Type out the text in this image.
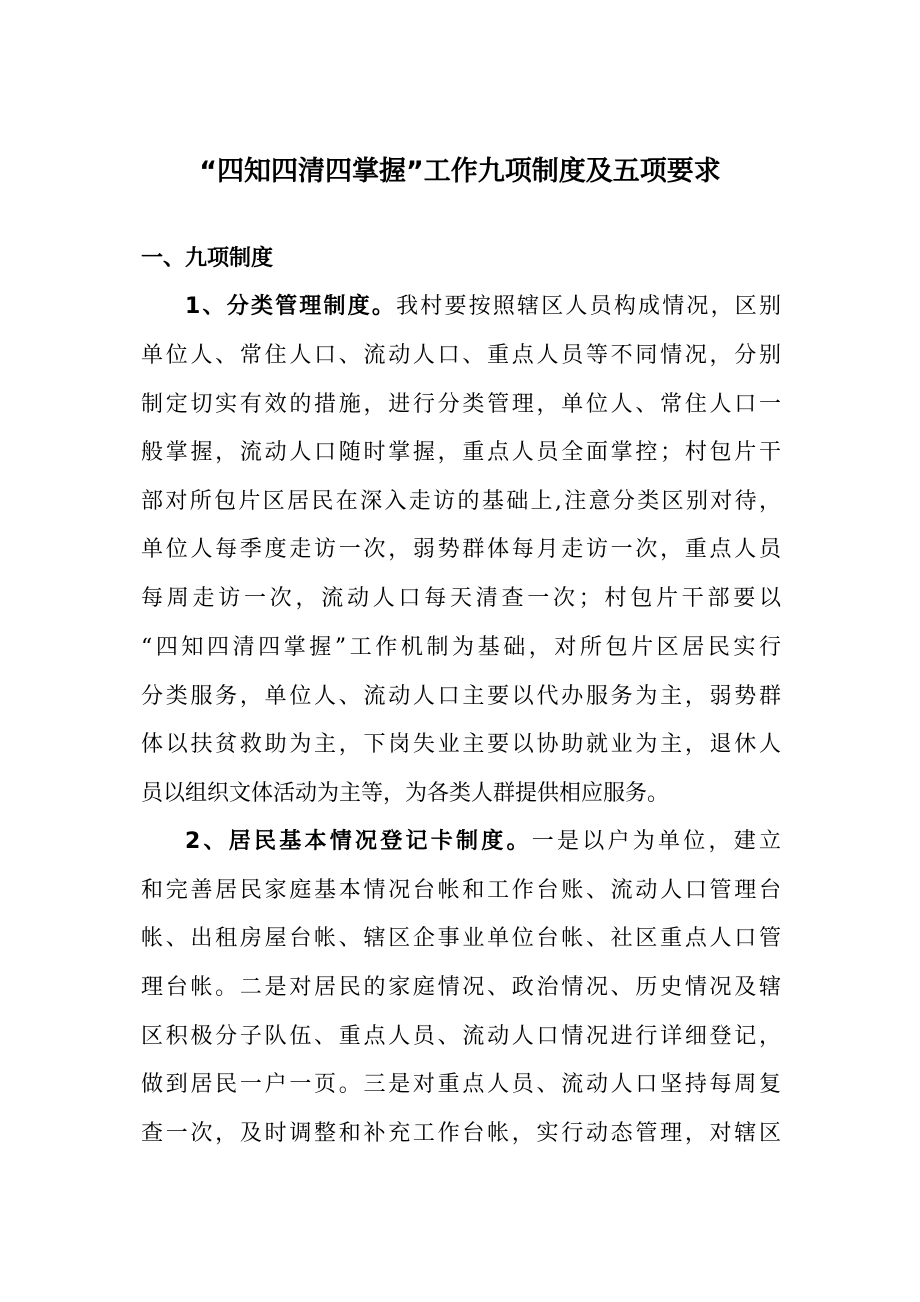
“四知四清四掌握”工作九项制度及五项要求
一、九项制度
1、分类管理制度。我村要按照辖区人员构成情况，区别
单位人、常住人口、流动人口、重点人员等不同情况，分别
制定切实有效的措施，进行分类管理，单位人、常住人口一
般掌握，流动人口随时掌握，重点人员全面掌控；村包片干
部对所包片区居民在深入走访的基础上,注意分类区别对待，
单位人每季度走访一次，弱势群体每月走访一次，重点人员
每周走访一次，流动人口每天清查一次；村包片干部要以
“四知四清四掌握”工作机制为基础，对所包片区居民实行
分类服务，单位人、流动人口主要以代办服务为主，弱势群
体以扶贫救助为主，下岗失业主要以协助就业为主，退休人
员以组织文体活动为主等，为各类人群提供相应服务。
2、居民基本情况登记卡制度。一是以户为单位，建立
和完善居民家庭基本情况台帐和工作台账、流动人口管理台
帐、出租房屋台帐、辖区企事业单位台帐、社区重点人口管
理台帐。二是对居民的家庭情况、政治情况、历史情况及辖
区积极分子队伍、重点人员、流动人口情况进行详细登记，
做到居民一户一页。三是对重点人员、流动人口坚持每周复
查一次，及时调整和补充工作台帐，实行动态管理，对辖区
